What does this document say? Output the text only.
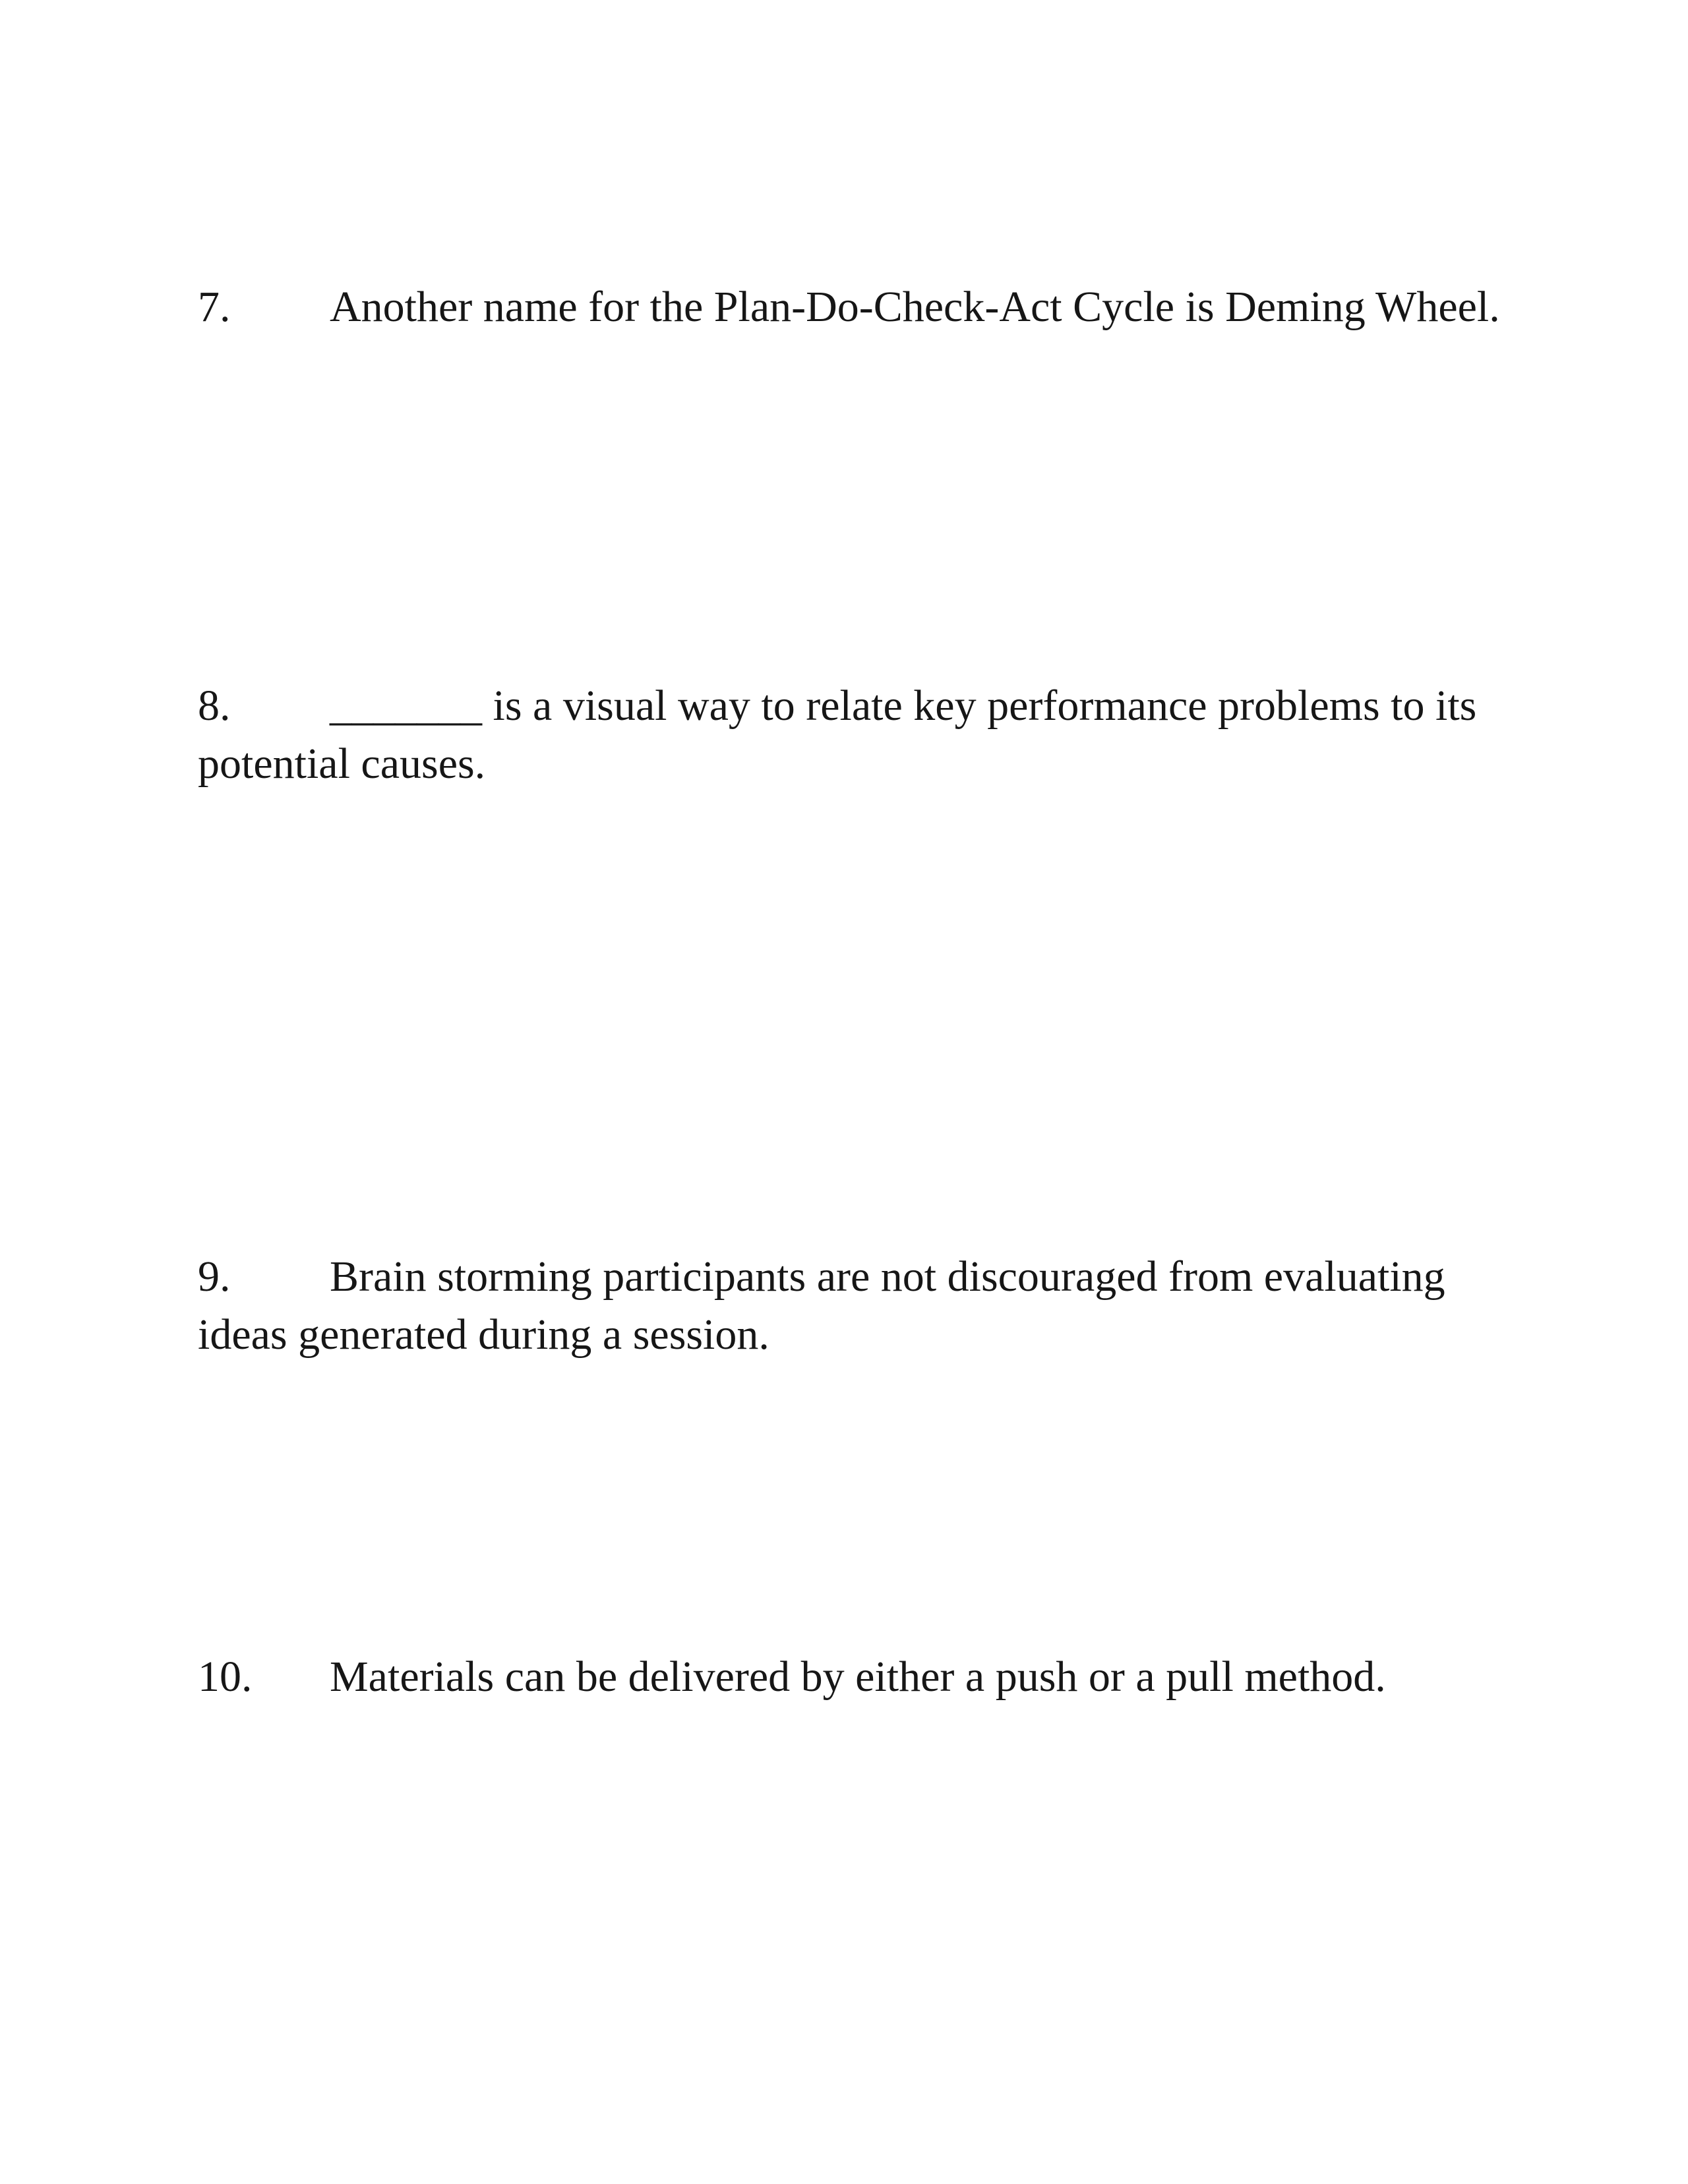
7. Another name for the Plan-Do-Check-Act Cycle is Deming Wheel.

8. _______ is a visual way to relate key performance problems to its potential causes.

9. Brain storming participants are not discouraged from evaluating ideas generated during a session.

10. Materials can be delivered by either a push or a pull method.
